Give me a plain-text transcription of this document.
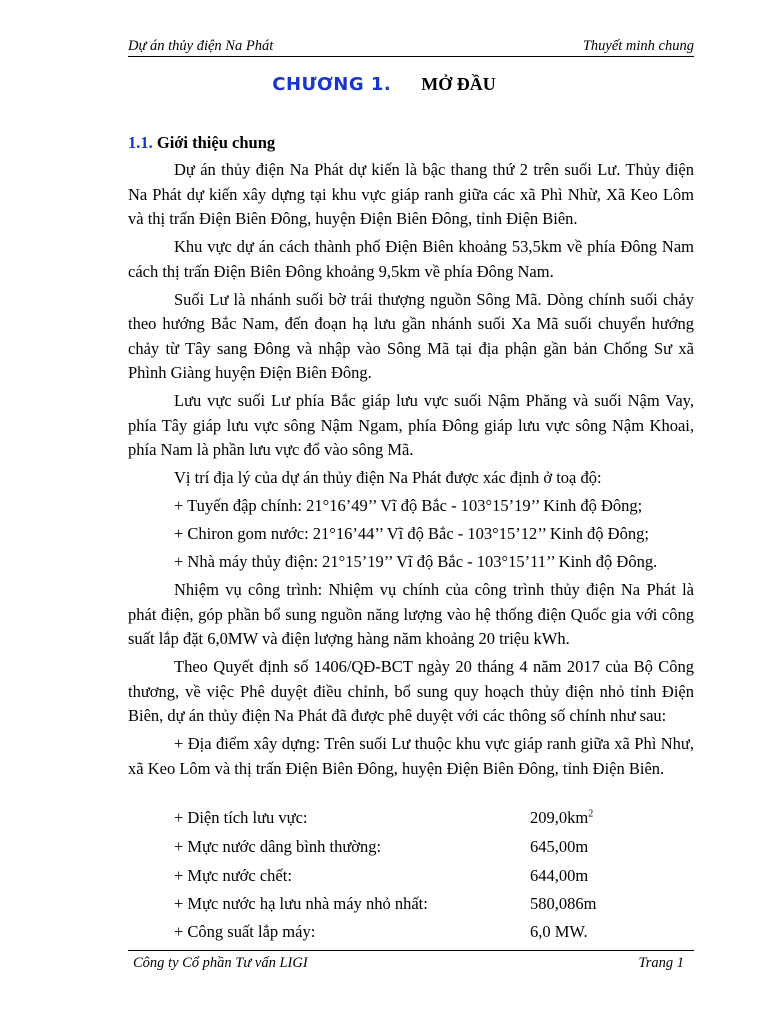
Dự án thủy điện Na Phát	Thuyết minh chung
CHƯƠNG 1. MỞ ĐẦU
1.1. Giới thiệu chung

Dự án thủy điện Na Phát dự kiến là bậc thang thứ 2 trên suối Lư. Thủy điện Na Phát dự kiến xây dựng tại khu vực giáp ranh giữa các xã Phì Nhừ, Xã Keo Lôm và thị trấn Điện Biên Đông, huyện Điện Biên Đông, tỉnh Điện Biên.

Khu vực dự án cách thành phố Điện Biên khoảng 53,5km về phía Đông Nam cách thị trấn Điện Biên Đông khoảng 9,5km về phía Đông Nam.

Suối Lư là nhánh suối bờ trái thượng nguồn Sông Mã. Dòng chính suối chảy theo hướng Bắc Nam, đến đoạn hạ lưu gần nhánh suối Xa Mã suối chuyển hướng chảy từ Tây sang Đông và nhập vào Sông Mã tại địa phận gần bản Chống Sư xã Phình Giàng huyện Điện Biên Đông.

Lưu vực suối Lư phía Bắc giáp lưu vực suối Nậm Phăng và suối Nậm Vay, phía Tây giáp lưu vực sông Nậm Ngam, phía Đông giáp lưu vực sông Nậm Khoai, phía Nam là phần lưu vực đổ vào sông Mã.

Vị trí địa lý của dự án thủy điện Na Phát được xác định ở toạ độ:

+ Tuyến đập chính: 21°16’49’’ Vĩ độ Bắc - 103°15’19’’ Kinh độ Đông;

+ Chiron gom nước: 21°16’44’’ Vĩ độ Bắc - 103°15’12’’ Kinh độ Đông;

+ Nhà máy thủy điện: 21°15’19’’ Vĩ độ Bắc - 103°15’11’’ Kinh độ Đông.

Nhiệm vụ công trình: Nhiệm vụ chính của công trình thủy điện Na Phát là phát điện, góp phần bổ sung nguồn năng lượng vào hệ thống điện Quốc gia với công suất lắp đặt 6,0MW và điện lượng hàng năm khoảng 20 triệu kWh.

Theo Quyết định số 1406/QĐ-BCT ngày 20 tháng 4 năm 2017 của Bộ Công thương, về việc Phê duyệt điều chỉnh, bổ sung quy hoạch thủy điện nhỏ tỉnh Điện Biên, dự án thủy điện Na Phát đã được phê duyệt với các thông số chính như sau:

+ Địa điểm xây dựng: Trên suối Lư thuộc khu vực giáp ranh giữa xã Phì Như, xã Keo Lôm và thị trấn Điện Biên Đông, huyện Điện Biên Đông, tỉnh Điện Biên.

+ Diện tích lưu vực:	$209,0km^2$
+ Mực nước dâng bình thường:	645,00m
+ Mực nước chết:	644,00m
+ Mực nước hạ lưu nhà máy nhỏ nhất:	580,086m
+ Công suất lắp máy:	6,0 MW.
Công ty Cổ phần Tư vấn LIGI	Trang 1
